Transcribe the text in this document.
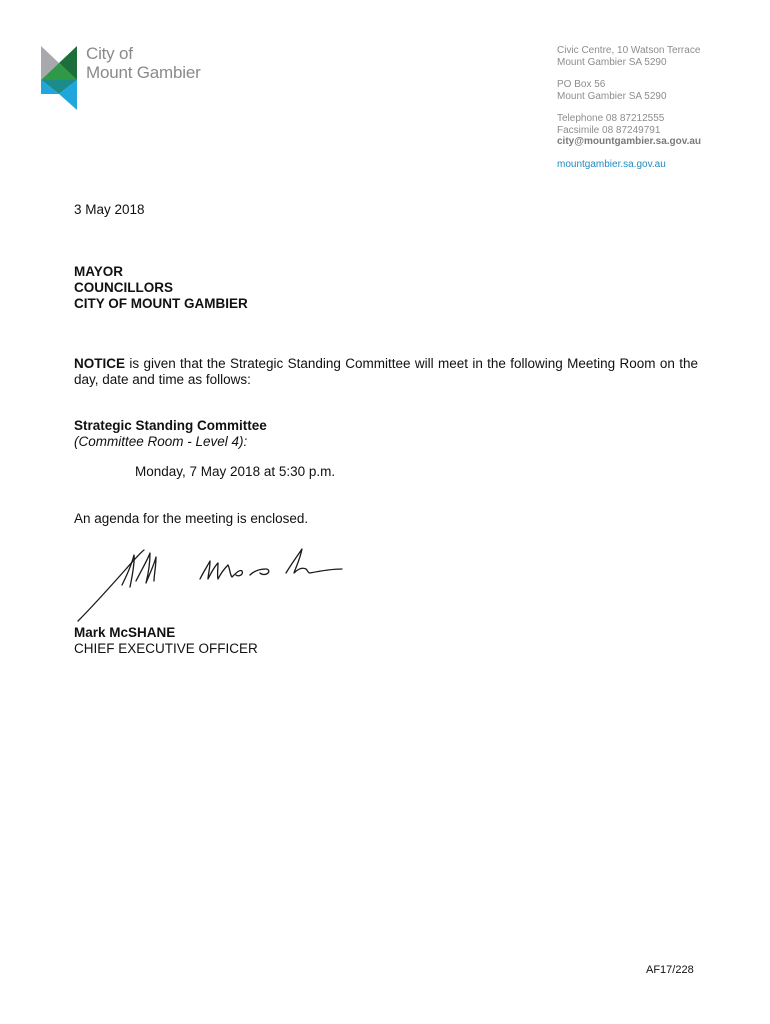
City of
Mount Gambier
Civic Centre, 10 Watson Terrace
Mount Gambier SA 5290
PO Box 56
Mount Gambier SA 5290
Telephone 08 87212555
Facsimile 08 87249791
city@mountgambier.sa.gov.au
mountgambier.sa.gov.au
3 May 2018
MAYOR
COUNCILLORS
CITY OF MOUNT GAMBIER
NOTICE is given that the Strategic Standing Committee will meet in the following Meeting Room on the day, date and time as follows:
Strategic Standing Committee
(Committee Room - Level 4):
Monday, 7 May 2018 at 5:30 p.m.
An agenda for the meeting is enclosed.
Mark McSHANE
CHIEF EXECUTIVE OFFICER
AF17/228
